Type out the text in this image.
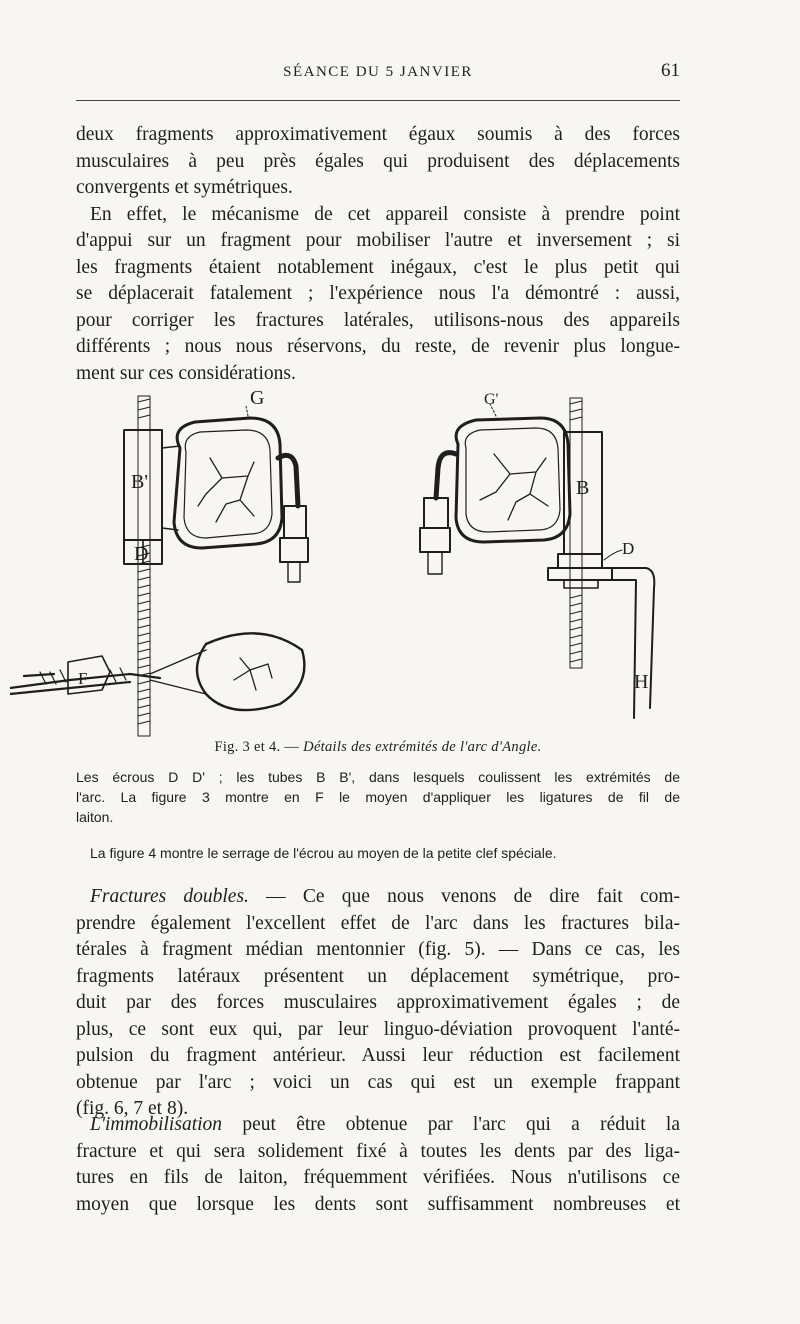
SÉANCE DU 5 JANVIER	61
deux fragments approximativement égaux soumis à des forces
musculaires à peu près égales qui produisent des déplacements
convergents et symétriques.
En effet, le mécanisme de cet appareil consiste à prendre point
d'appui sur un fragment pour mobiliser l'autre et inversement ; si
les fragments étaient notablement inégaux, c'est le plus petit qui
se déplacerait fatalement ; l'expérience nous l'a démontré : aussi,
pour corriger les fractures latérales, utilisons-nous des appareils
différents ; nous nous réservons, du reste, de revenir plus longue-
ment sur ces considérations.
G	G'
B'	B
D	D
F	H
Fig. 3 et 4. — Détails des extrémités de l'arc d'Angle.
Les écrous D D' ; les tubes B B', dans lesquels coulissent les extrémités de
l'arc. La figure 3 montre en F le moyen d'appliquer les ligatures de fil de
laiton.
La figure 4 montre le serrage de l'écrou au moyen de la petite clef spéciale.
Fractures doubles. — Ce que nous venons de dire fait com-
prendre également l'excellent effet de l'arc dans les fractures bila-
térales à fragment médian mentonnier (fig. 5). — Dans ce cas, les
fragments latéraux présentent un déplacement symétrique, pro-
duit par des forces musculaires approximativement égales ; de
plus, ce sont eux qui, par leur linguo-déviation provoquent l'anté-
pulsion du fragment antérieur. Aussi leur réduction est facilement
obtenue par l'arc ; voici un cas qui est un exemple frappant
(fig. 6, 7 et 8).
L'immobilisation peut être obtenue par l'arc qui a réduit la
fracture et qui sera solidement fixé à toutes les dents par des liga-
tures en fils de laiton, fréquemment vérifiées. Nous n'utilisons ce
moyen que lorsque les dents sont suffisamment nombreuses et
